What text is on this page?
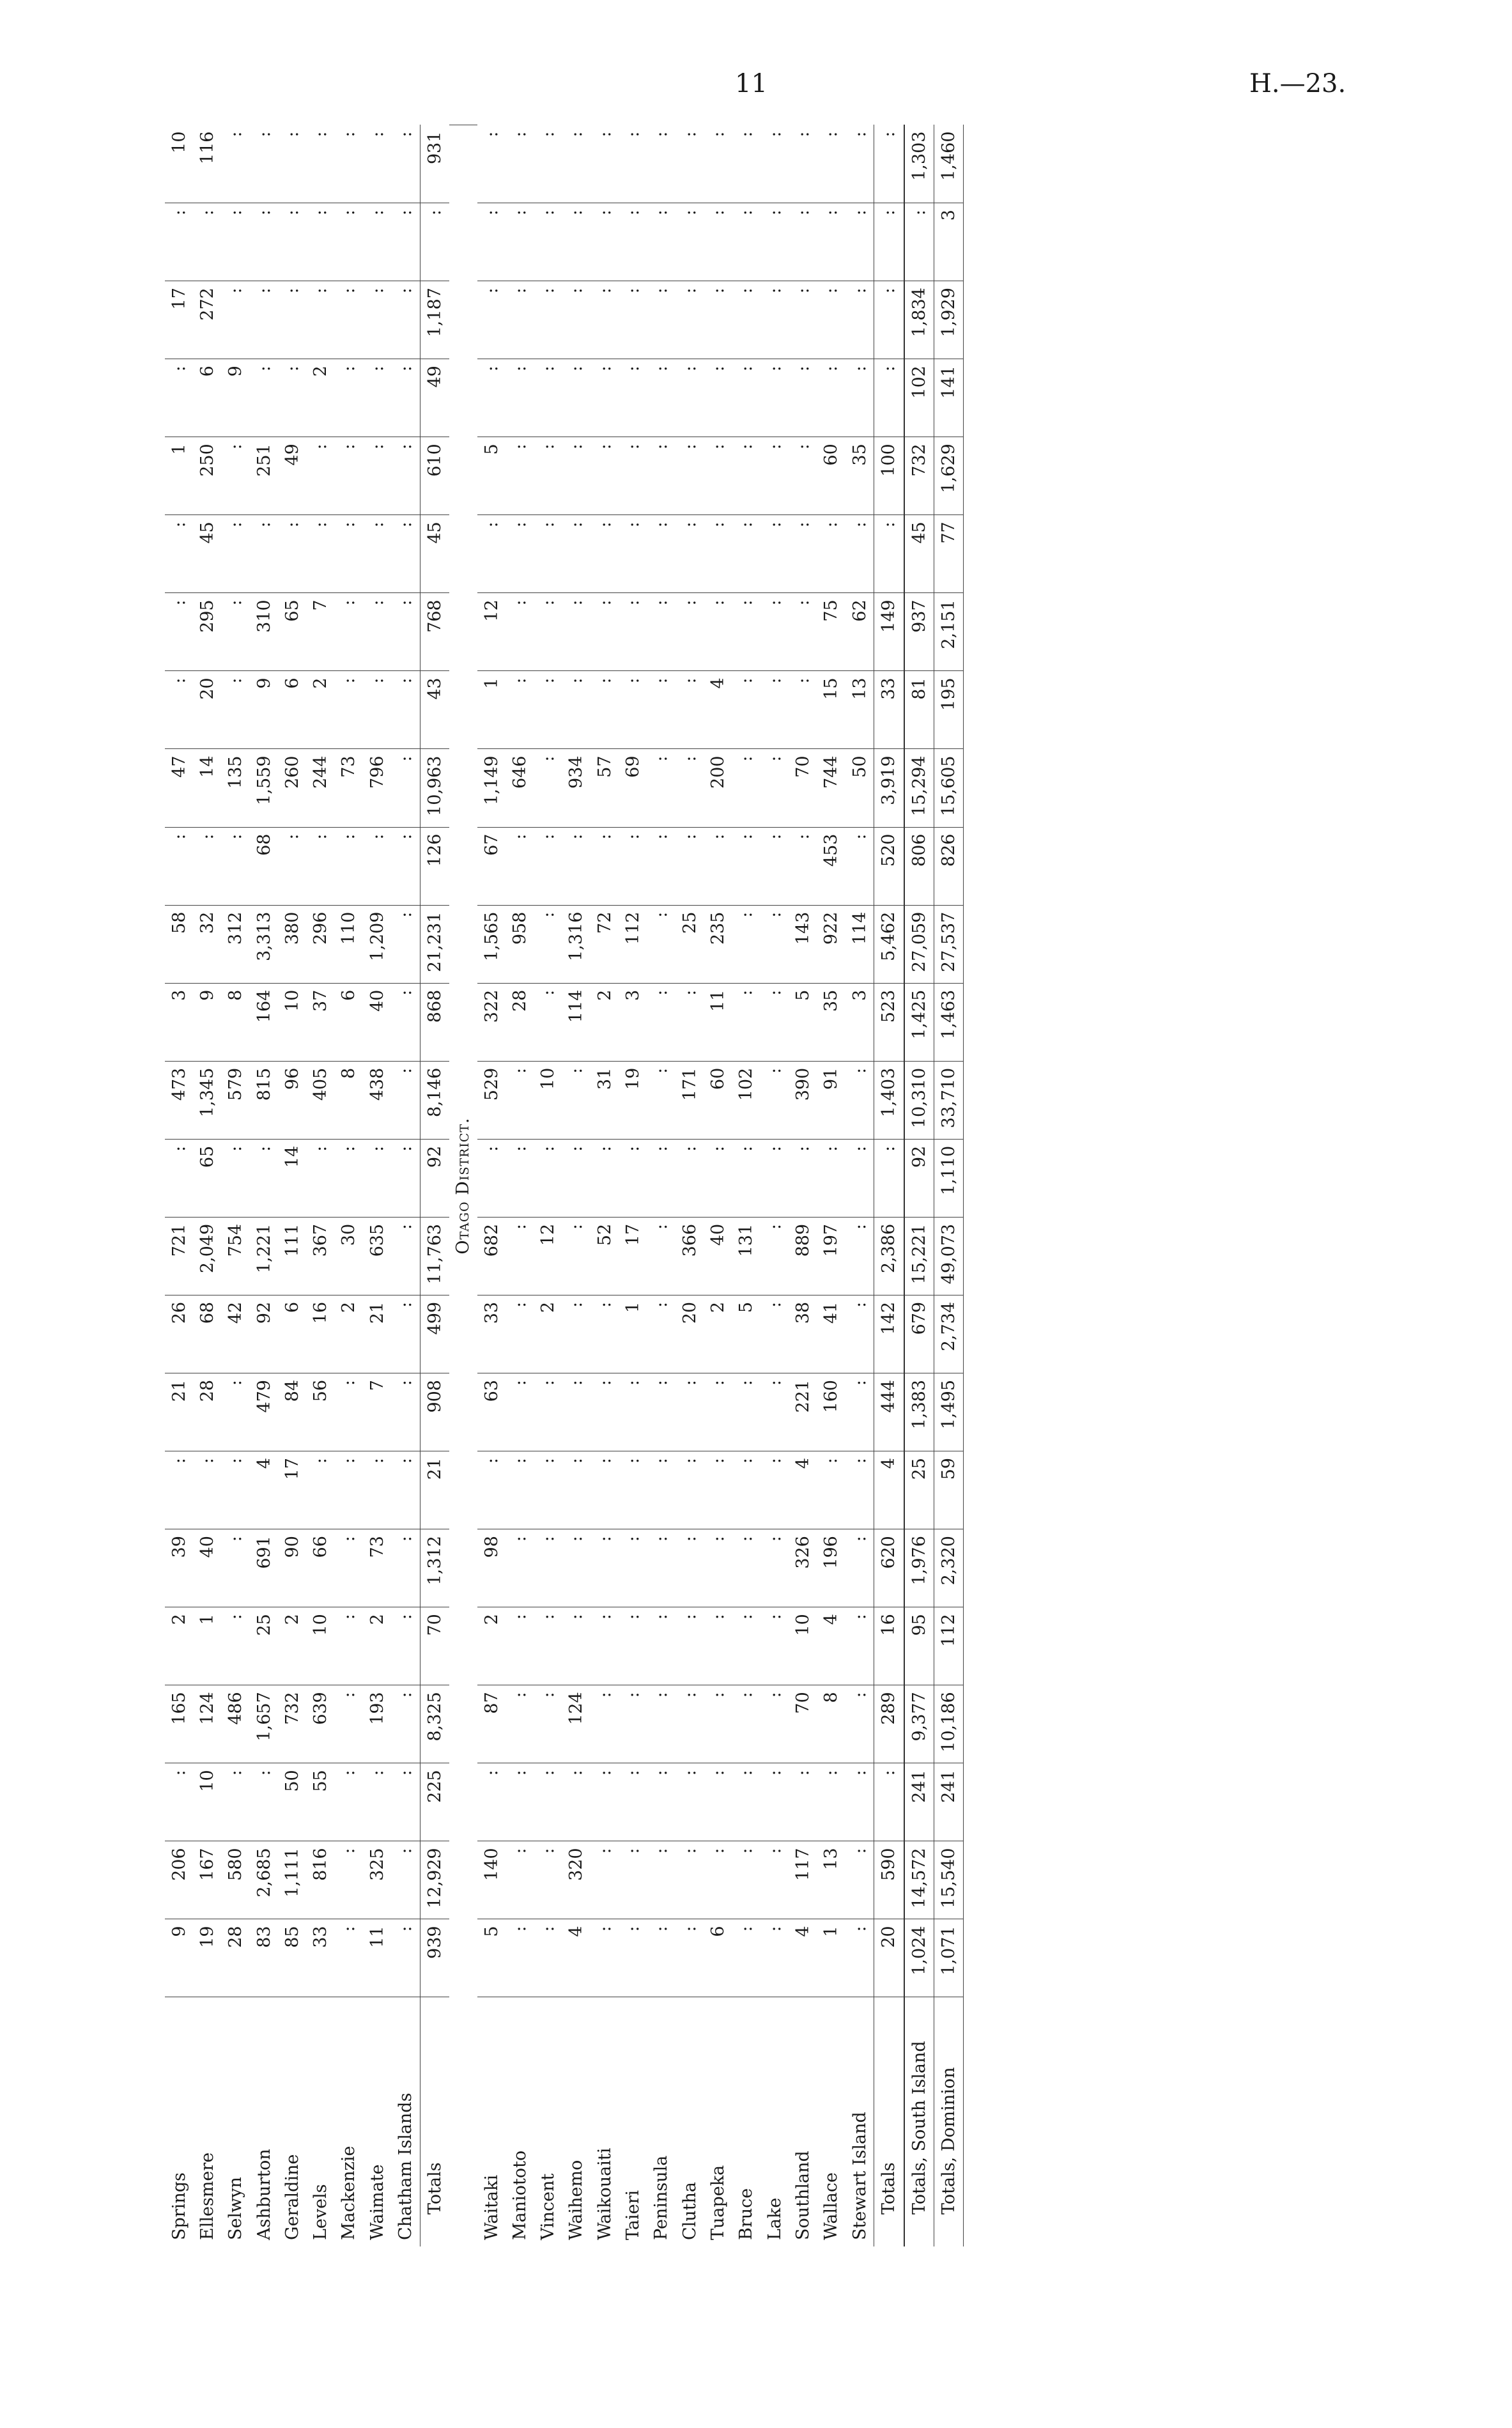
11	H.—23.
Springs	9	206	:	165	2	39	:	21	26	721	:	473	3	58	:	47	:	:	:	1	:	17	:	10
Ellesmere	19	167	10	124	1	40	:	28	68	2,049	65	1,345	9	32	:	14	20	295	45	250	6	272	:	116
Selwyn	28	580	:	486	:	:	:	:	42	754	:	579	8	312	:	135	:	:	:	:	9	:	:	:
Ashburton	83	2,685	:	1,657	25	691	4	479	92	1,221	:	815	164	3,313	68	1,559	9	310	:	251	:	:	:	:
Geraldine	85	1,111	50	732	2	90	17	84	6	111	14	96	10	380	:	260	6	65	:	49	:	:	:	:
Levels	33	816	55	639	10	66	:	56	16	367	:	405	37	296	:	244	2	7	:	:	2	:	:	:
Mackenzie	:	:	:	:	:	:	:	:	2	30	:	8	6	110	:	73	:	:	:	:	:	:	:	:
Waimate	11	325	:	193	2	73	:	7	21	635	:	438	40	1,209	:	796	:	:	:	:	:	:	:	:
Chatham Islands	:	:	:	:	:	:	:	:	:	:	:	:	:	:	:	:	:	:	:	:	:	:	:	:
Totals	939	12,929	225	8,325	70	1,312	21	908	499	11,763	92	8,146	868	21,231	126	10,963	43	768	45	610	49	1,187	:	931
Otago District.																								
Waitaki	5	140	:	87	2	98	:	63	33	682	:	529	322	1,565	67	1,149	1	12	:	5	:	:	:	:
Maniototo	:	:	:	:	:	:	:	:	:	:	:	:	28	958	:	646	:	:	:	:	:	:	:	:
Vincent	:	:	:	:	:	:	:	:	2	12	:	10	:	:	:	:	:	:	:	:	:	:	:	:
Waihemo	4	320	:	124	:	:	:	:	:	:	:	:	114	1,316	:	934	:	:	:	:	:	:	:	:
Waikouaiti	:	:	:	:	:	:	:	:	:	52	:	31	2	72	:	57	:	:	:	:	:	:	:	:
Taieri	:	:	:	:	:	:	:	:	1	17	:	19	3	112	:	69	:	:	:	:	:	:	:	:
Peninsula	:	:	:	:	:	:	:	:	:	:	:	:	:	:	:	:	:	:	:	:	:	:	:	:
Clutha	:	:	:	:	:	:	:	:	20	366	:	171	:	25	:	:	:	:	:	:	:	:	:	:
Tuapeka	6	:	:	:	:	:	:	:	2	40	:	60	11	235	:	200	4	:	:	:	:	:	:	:
Bruce	:	:	:	:	:	:	:	:	5	131	:	102	:	:	:	:	:	:	:	:	:	:	:	:
Lake	:	:	:	:	:	:	:	:	:	:	:	:	:	:	:	:	:	:	:	:	:	:	:	:
Southland	4	117	:	70	10	326	4	221	38	889	:	390	5	143	:	70	:	:	:	:	:	:	:	:
Wallace	1	13	:	8	4	196	:	160	41	197	:	91	35	922	453	744	15	75	:	60	:	:	:	:
Stewart Island	:	:	:	:	:	:	:	:	:	:	:	:	3	114	:	50	13	62	:	35	:	:	:	:
Totals	20	590	:	289	16	620	4	444	142	2,386	:	1,403	523	5,462	520	3,919	33	149	:	100	:	:	:	:
Totals, South Island	1,024	14,572	241	9,377	95	1,976	25	1,383	679	15,221	92	10,310	1,425	27,059	806	15,294	81	937	45	732	102	1,834	:	1,303
Totals, Dominion	1,071	15,540	241	10,186	112	2,320	59	1,495	2,734	49,073	1,110	33,710	1,463	27,537	826	15,605	195	2,151	77	1,629	141	1,929	3	1,460
